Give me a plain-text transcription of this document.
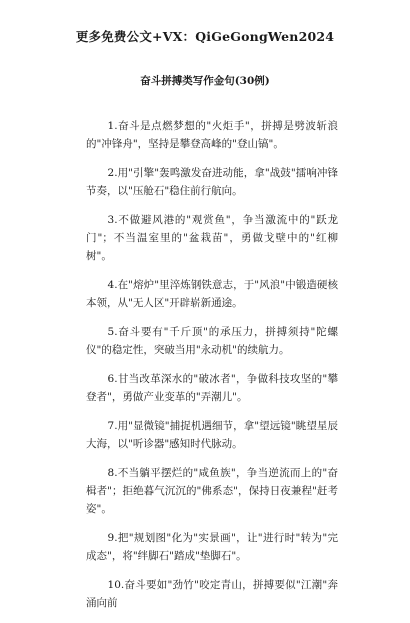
更多免费公文+VX：QiGeGongWen2024
奋斗拼搏类写作金句(30例)

1.奋斗是点燃梦想的"火炬手"，拼搏是劈波斩浪的"冲锋舟"，坚持是攀登高峰的"登山镐"。

2.用"引擎"轰鸣激发奋进动能，拿"战鼓"擂响冲锋节奏，以"压舱石"稳住前行航向。

3.不做避风港的"观赏鱼"，争当激流中的"跃龙门"；不当温室里的"盆栽苗"，勇做戈壁中的"红柳树"。

4.在"熔炉"里淬炼钢铁意志，于"风浪"中锻造硬核本领，从"无人区"开辟崭新通途。

5.奋斗要有"千斤顶"的承压力，拼搏须持"陀螺仪"的稳定性，突破当用"永动机"的续航力。

6.甘当改革深水的"破冰者"，争做科技攻坚的"攀登者"，勇做产业变革的"弄潮儿"。

7.用"显微镜"捕捉机遇细节，拿"望远镜"眺望星辰大海，以"听诊器"感知时代脉动。

8.不当躺平摆烂的"咸鱼族"，争当逆流而上的"奋楫者"；拒绝暮气沉沉的"佛系态"，保持日夜兼程"赶考姿"。

9.把"规划图"化为"实景画"，让"进行时"转为"完成态"，将"绊脚石"踏成"垫脚石"。

10.奋斗要如"劲竹"咬定青山，拼搏要似"江潮"奔涌向前
